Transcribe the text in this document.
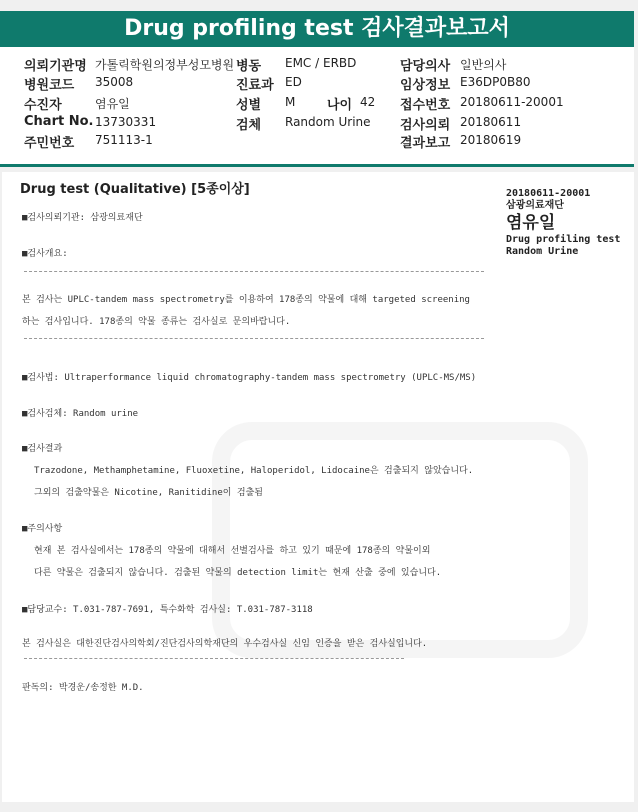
Drug profiling test 검사결과보고서
의뢰기관명 가톨릭학원의정부성모병원
병원코드 35008
수진자	염유일
Chart No. 13730331
주민번호 751113-1
병동 EMC / ERBD
진료과 ED
성별 M 나이 42
검체 Random Urine
담당의사 일반의사
임상정보 E36DP0B80
접수번호 20180611-20001
검사의뢰 20180611
결과보고 20180619
Drug test (Qualitative) [5종이상]	20180611-20001
삼광의료재단
염유일
Drug profiling test
Random Urine
■검사의뢰기관: 삼광의료재단
■검사개요:
본 검사는 UPLC-tandem mass spectrometry를 이용하여 178종의 약물에 대해 targeted screening
하는 검사입니다. 178종의 약물 종류는 검사실로 문의바랍니다.
■검사법: Ultraperformance liquid chromatography-tandem mass spectrometry (UPLC-MS/MS)
■검사검체: Random urine
■검사결과
Trazodone, Methamphetamine, Fluoxetine, Haloperidol, Lidocaine은 검출되지 않았습니다.
그외의 검출약물은 Nicotine, Ranitidine이 검출됨
■주의사항
현재 본 검사실에서는 178종의 약물에 대해서 선별검사를 하고 있기 때문에 178종의 약물이외
다른 약물은 검출되지 않습니다. 검출된 약물의 detection limit는 현재 산출 중에 있습니다.
■담당교수: T.031-787-7691, 특수화학 검사실: T.031-787-3118
본 검사실은 대한진단검사의학회/진단검사의학재단의 우수검사실 신임 인증을 받은 검사실입니다.
판독의: 박경운/송정한 M.D.
